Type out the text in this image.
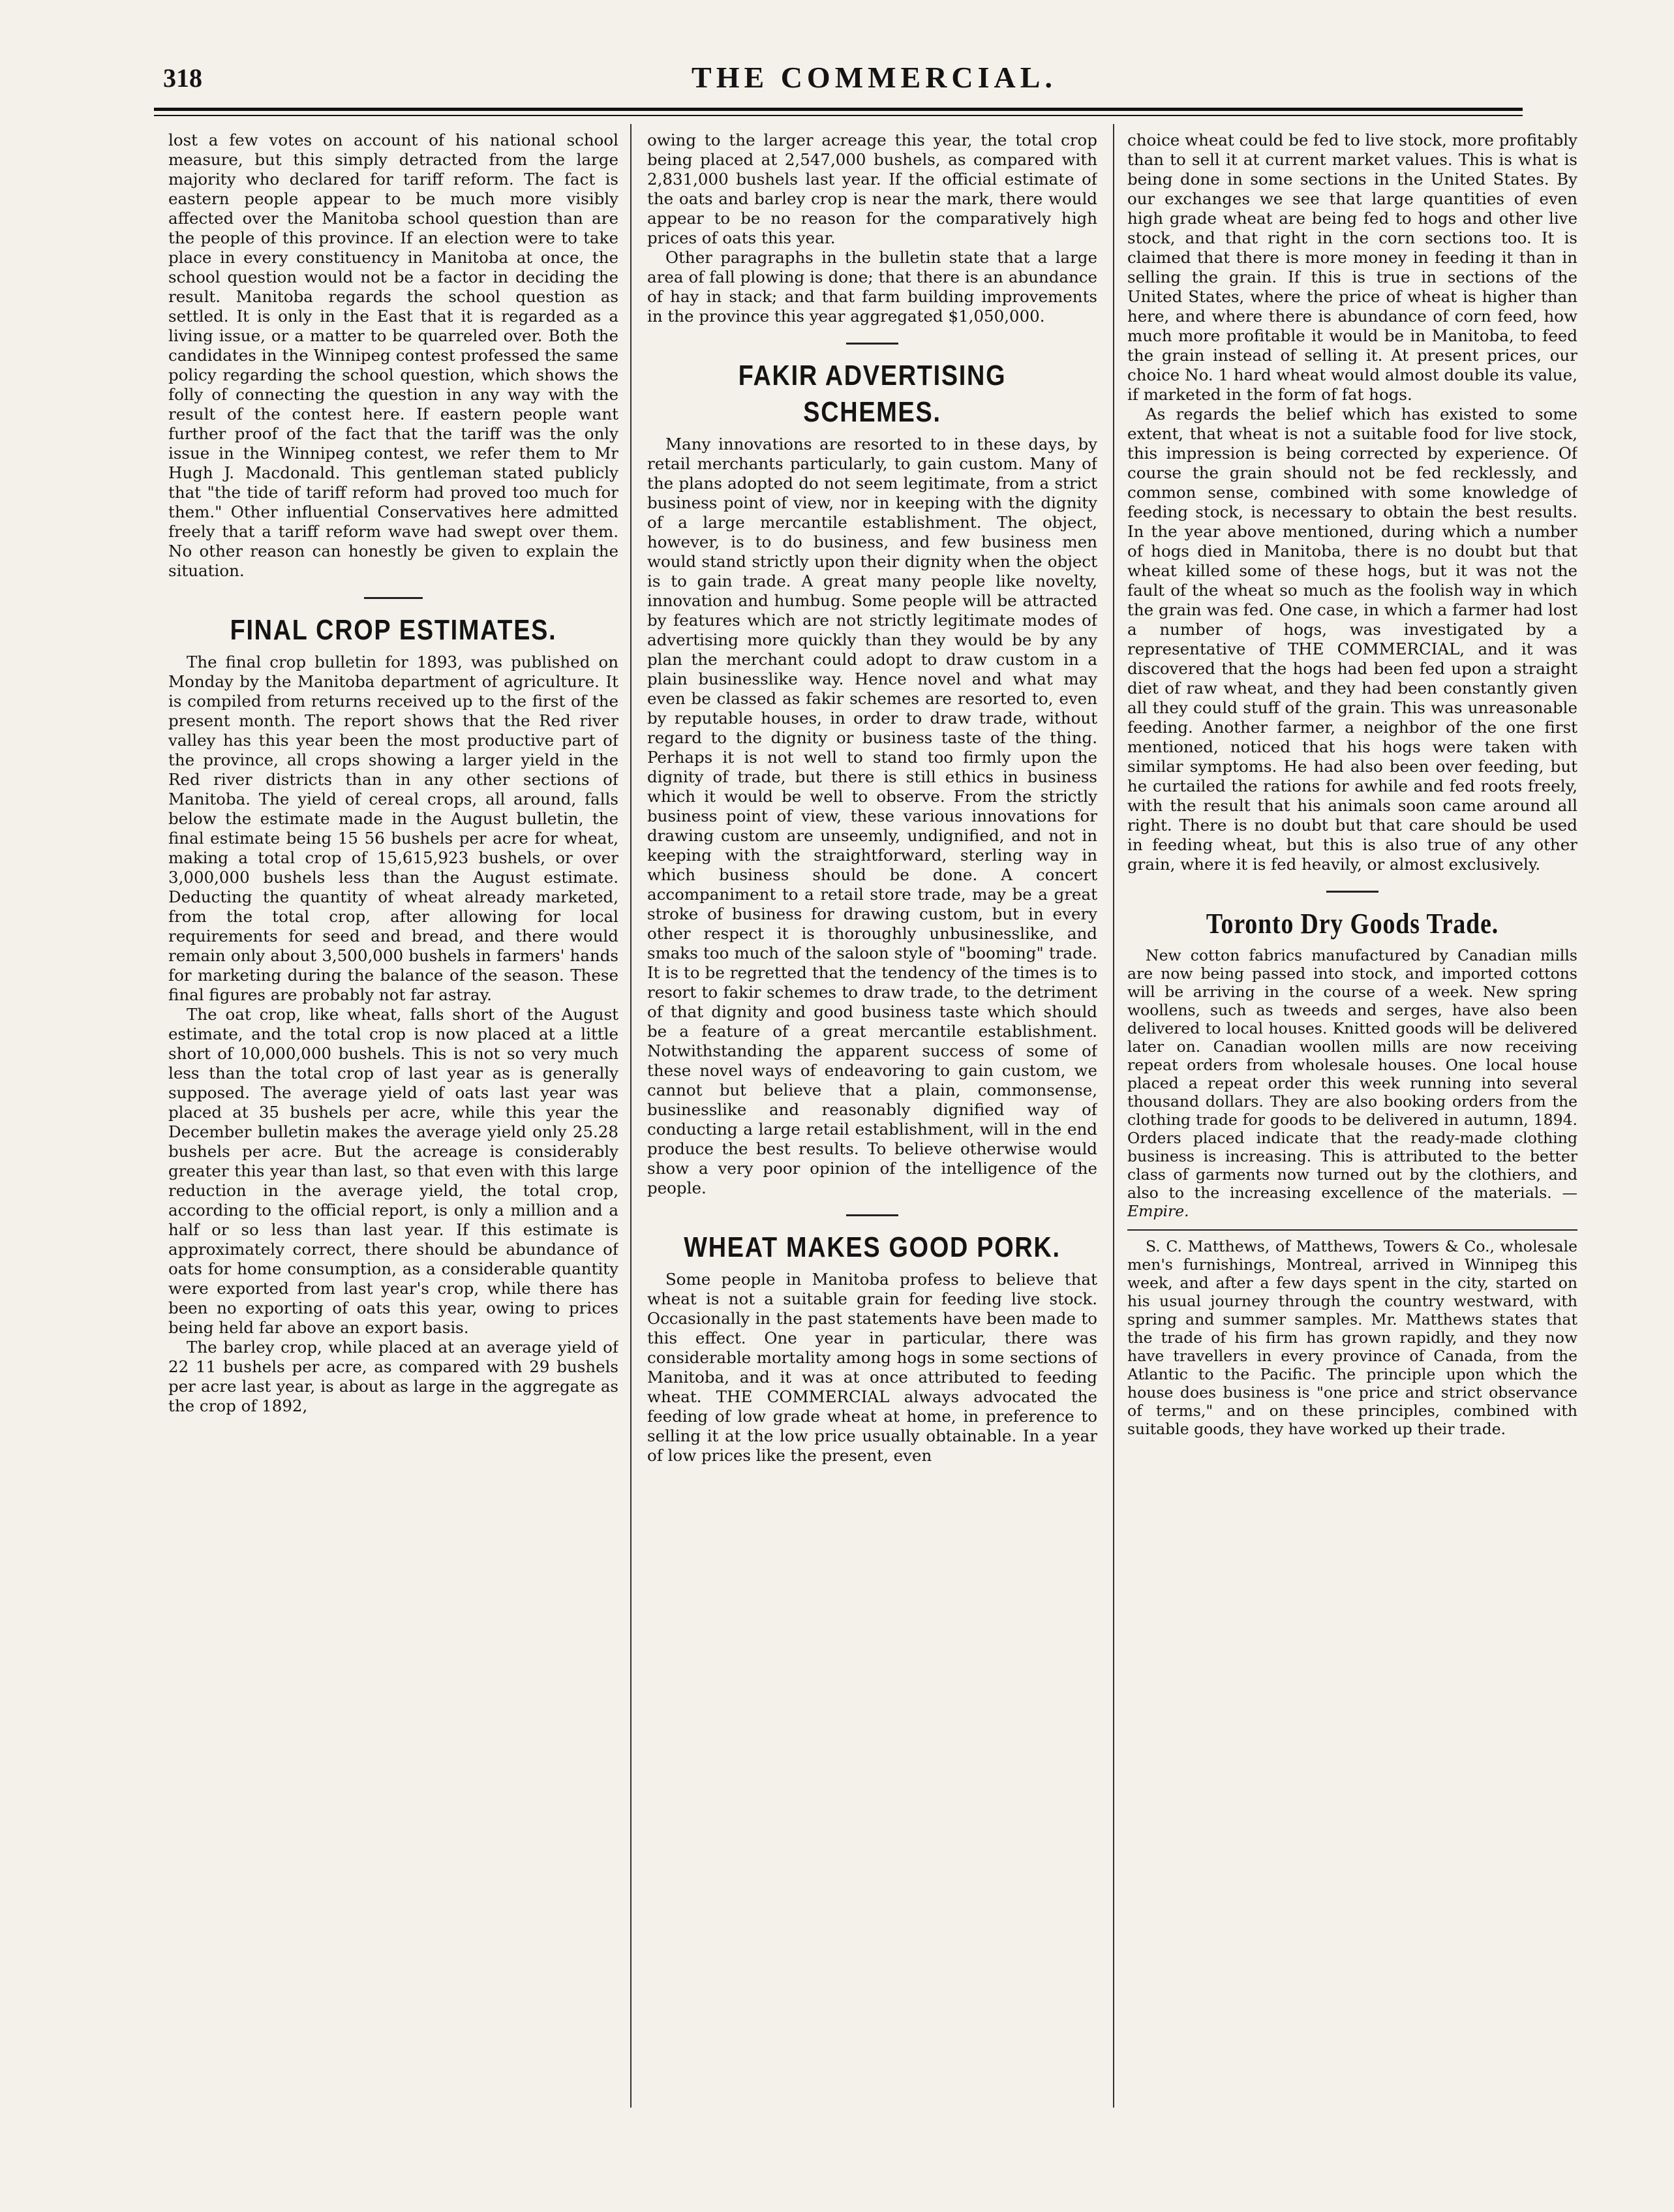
318	THE COMMERCIAL.

lost a few votes on account of his national school measure, but this simply detracted from the large majority who declared for tariff reform. The fact is eastern people appear to be much more visibly affected over the Manitoba school question than are the people of this province. If an election were to take place in every constituency in Manitoba at once, the school question would not be a factor in deciding the result. Manitoba regards the school question as settled. It is only in the East that it is regarded as a living issue, or a matter to be quarreled over. Both the candidates in the Winnipeg contest professed the same policy regarding the school question, which shows the folly of connecting the question in any way with the result of the contest here. If eastern people want further proof of the fact that the tariff was the only issue in the Winnipeg contest, we refer them to Mr Hugh J. Macdonald. This gentleman stated publicly that "the tide of tariff reform had proved too much for them." Other influential Conservatives here admitted freely that a tariff reform wave had swept over them. No other reason can honestly be given to explain the situation.

FINAL CROP ESTIMATES.

The final crop bulletin for 1893, was published on Monday by the Manitoba department of agriculture. It is compiled from returns received up to the first of the present month. The report shows that the Red river valley has this year been the most productive part of the province, all crops showing a larger yield in the Red river districts than in any other sections of Manitoba. The yield of cereal crops, all around, falls below the estimate made in the August bulletin, the final estimate being 15 56 bushels per acre for wheat, making a total crop of 15,615,923 bushels, or over 3,000,000 bushels less than the August estimate. Deducting the quantity of wheat already marketed, from the total crop, after allowing for local requirements for seed and bread, and there would remain only about 3,500,000 bushels in farmers' hands for marketing during the balance of the season. These final figures are probably not far astray.

The oat crop, like wheat, falls short of the August estimate, and the total crop is now placed at a little short of 10,000,000 bushels. This is not so very much less than the total crop of last year as is generally supposed. The average yield of oats last year was placed at 35 bushels per acre, while this year the December bulletin makes the average yield only 25.28 bushels per acre. But the acreage is considerably greater this year than last, so that even with this large reduction in the average yield, the total crop, according to the official report, is only a million and a half or so less than last year. If this estimate is approximately correct, there should be abundance of oats for home consumption, as a considerable quantity were exported from last year's crop, while there has been no exporting of oats this year, owing to prices being held far above an export basis.

The barley crop, while placed at an average yield of 22 11 bushels per acre, as compared with 29 bushels per acre last year, is about as large in the aggregate as the crop of 1892,

owing to the larger acreage this year, the total crop being placed at 2,547,000 bushels, as compared with 2,831,000 bushels last year. If the official estimate of the oats and barley crop is near the mark, there would appear to be no reason for the comparatively high prices of oats this year.

Other paragraphs in the bulletin state that a large area of fall plowing is done; that there is an abundance of hay in stack; and that farm building improvements in the province this year aggregated $1,050,000.

FAKIR ADVERTISING SCHEMES.

Many innovations are resorted to in these days, by retail merchants particularly, to gain custom. Many of the plans adopted do not seem legitimate, from a strict business point of view, nor in keeping with the dignity of a large mercantile establishment. The object, however, is to do business, and few business men would stand strictly upon their dignity when the object is to gain trade. A great many people like novelty, innovation and humbug. Some people will be attracted by features which are not strictly legitimate modes of advertising more quickly than they would be by any plan the merchant could adopt to draw custom in a plain businesslike way. Hence novel and what may even be classed as fakir schemes are resorted to, even by reputable houses, in order to draw trade, without regard to the dignity or business taste of the thing. Perhaps it is not well to stand too firmly upon the dignity of trade, but there is still ethics in business which it would be well to observe. From the strictly business point of view, these various innovations for drawing custom are unseemly, undignified, and not in keeping with the straightforward, sterling way in which business should be done. A concert accompaniment to a retail store trade, may be a great stroke of business for drawing custom, but in every other respect it is thoroughly unbusinesslike, and smaks too much of the saloon style of "booming" trade. It is to be regretted that the tendency of the times is to resort to fakir schemes to draw trade, to the detriment of that dignity and good business taste which should be a feature of a great mercantile establishment. Notwithstanding the apparent success of some of these novel ways of endeavoring to gain custom, we cannot but believe that a plain, commonsense, businesslike and reasonably dignified way of conducting a large retail establishment, will in the end produce the best results. To believe otherwise would show a very poor opinion of the intelligence of the people.

WHEAT MAKES GOOD PORK.

Some people in Manitoba profess to believe that wheat is not a suitable grain for feeding live stock. Occasionally in the past statements have been made to this effect. One year in particular, there was considerable mortality among hogs in some sections of Manitoba, and it was at once attributed to feeding wheat. THE COMMERCIAL always advocated the feeding of low grade wheat at home, in preference to selling it at the low price usually obtainable. In a year of low prices like the present, even

choice wheat could be fed to live stock, more profitably than to sell it at current market values. This is what is being done in some sections in the United States. By our exchanges we see that large quantities of even high grade wheat are being fed to hogs and other live stock, and that right in the corn sections too. It is claimed that there is more money in feeding it than in selling the grain. If this is true in sections of the United States, where the price of wheat is higher than here, and where there is abundance of corn feed, how much more profitable it would be in Manitoba, to feed the grain instead of selling it. At present prices, our choice No. 1 hard wheat would almost double its value, if marketed in the form of fat hogs.

As regards the belief which has existed to some extent, that wheat is not a suitable food for live stock, this impression is being corrected by experience. Of course the grain should not be fed recklessly, and common sense, combined with some knowledge of feeding stock, is necessary to obtain the best results. In the year above mentioned, during which a number of hogs died in Manitoba, there is no doubt but that wheat killed some of these hogs, but it was not the fault of the wheat so much as the foolish way in which the grain was fed. One case, in which a farmer had lost a number of hogs, was investigated by a representative of THE COMMERCIAL, and it was discovered that the hogs had been fed upon a straight diet of raw wheat, and they had been constantly given all they could stuff of the grain. This was unreasonable feeding. Another farmer, a neighbor of the one first mentioned, noticed that his hogs were taken with similar symptoms. He had also been over feeding, but he curtailed the rations for awhile and fed roots freely, with the result that his animals soon came around all right. There is no doubt but that care should be used in feeding wheat, but this is also true of any other grain, where it is fed heavily, or almost exclusively.

Toronto Dry Goods Trade.

New cotton fabrics manufactured by Canadian mills are now being passed into stock, and imported cottons will be arriving in the course of a week. New spring woollens, such as tweeds and serges, have also been delivered to local houses. Knitted goods will be delivered later on. Canadian woollen mills are now receiving repeat orders from wholesale houses. One local house placed a repeat order this week running into several thousand dollars. They are also booking orders from the clothing trade for goods to be delivered in autumn, 1894. Orders placed indicate that the ready-made clothing business is increasing. This is attributed to the better class of garments now turned out by the clothiers, and also to the increasing excellence of the materials. —Empire.

S. C. Matthews, of Matthews, Towers & Co., wholesale men's furnishings, Montreal, arrived in Winnipeg this week, and after a few days spent in the city, started on his usual journey through the country westward, with spring and summer samples. Mr. Matthews states that the trade of his firm has grown rapidly, and they now have travellers in every province of Canada, from the Atlantic to the Pacific. The principle upon which the house does business is "one price and strict observance of terms," and on these principles, combined with suitable goods, they have worked up their trade.
